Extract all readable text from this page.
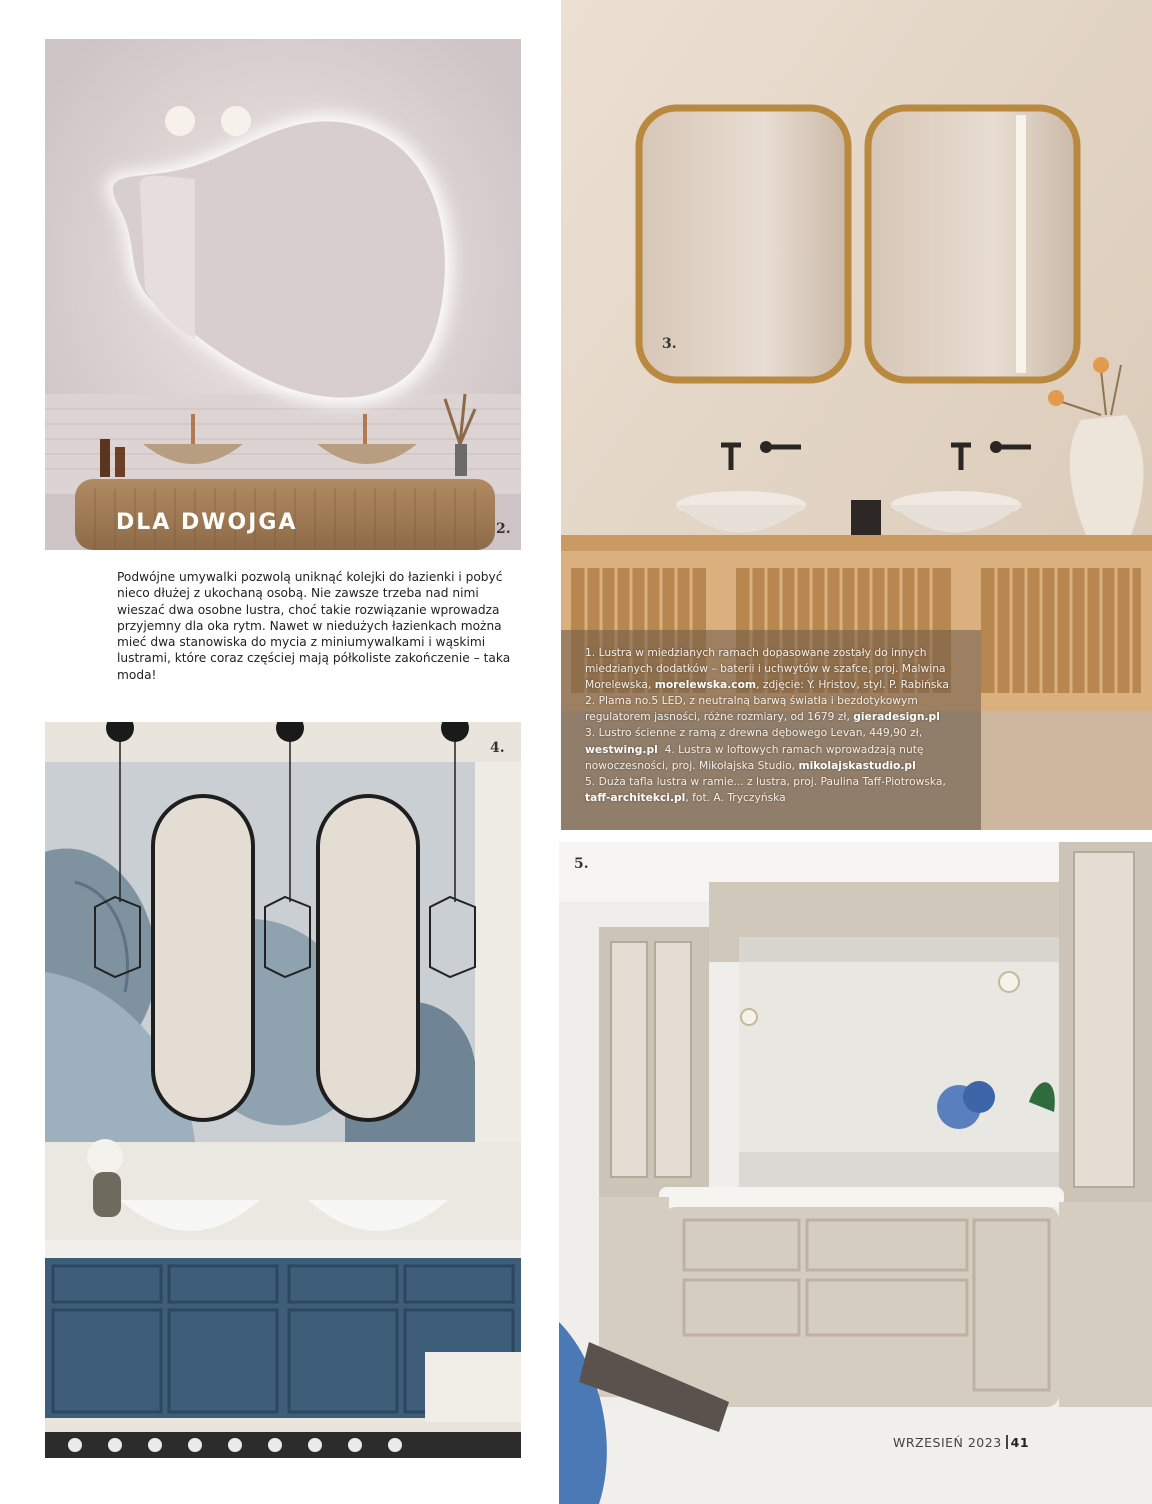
2.
DLA DWOJGA
Podwójne umywalki pozwolą uniknąć kolejki do łazienki i pobyć nieco dłużej z ukochaną osobą. Nie zawsze trzeba nad nimi wieszać dwa osobne lustra, choć takie rozwiązanie wprowadza przyjemny dla oka rytm. Nawet w niedużych łazienkach można mieć dwa stanowiska do mycia z miniumywalkami i wąskimi lustrami, które coraz częściej mają półkoliste zakończenie – taka moda!
3.
1. Lustra w miedzianych ramach dopasowane zostały do innych miedzianych dodatków – baterii i uchwytów w szafce, proj. Malwina Morelewska, morelewska.com, zdjęcie: Y. Hristov, styl. P. Rabińska
2. Plama no.5 LED, z neutralną barwą światła i bezdotykowym regulatorem jasności, różne rozmiary, od 1679 zł, gieradesign.pl
3. Lustro ścienne z ramą z drewna dębowego Levan, 449,90 zł, westwing.pl 4. Lustra w loftowych ramach wprowadzają nutę nowoczesności, proj. Mikołajska Studio, mikolajskastudio.pl
5. Duża tafla lustra w ramie... z lustra, proj. Paulina Taff-Piotrowska, taff-architekci.pl, fot. A. Tryczyńska
4.
5.
WRZESIEŃ 2023 41
